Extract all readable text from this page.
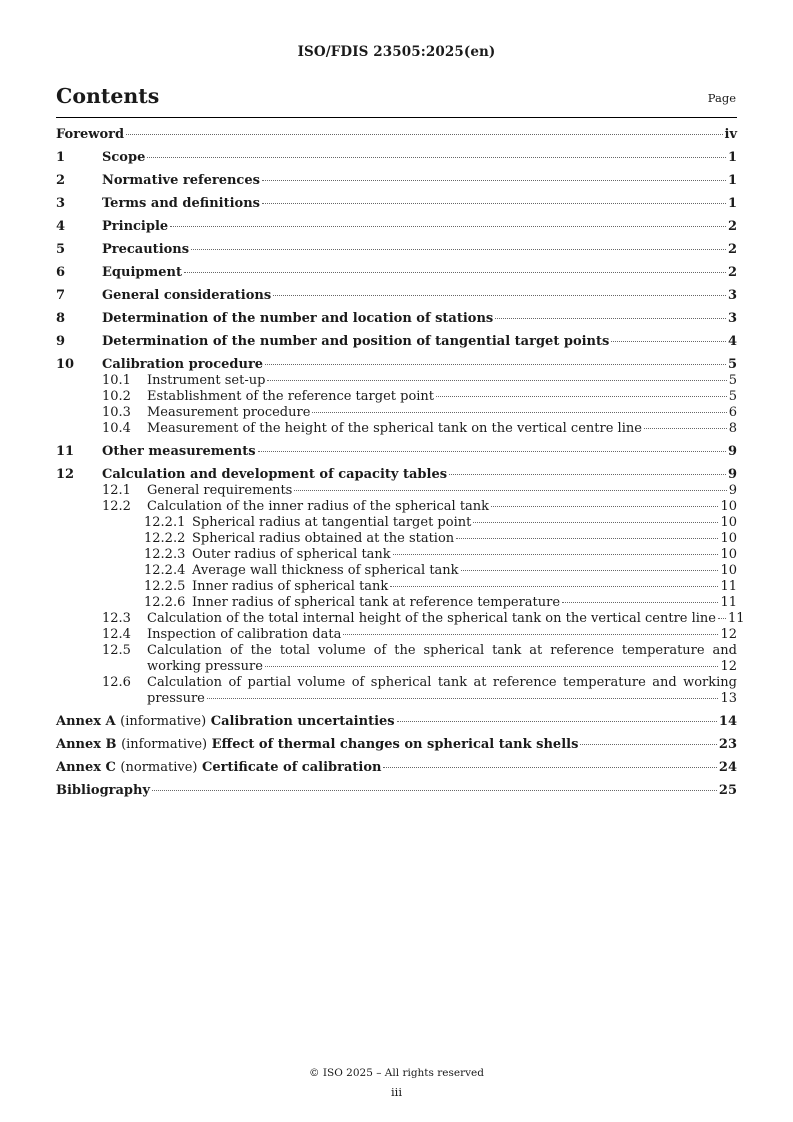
ISO/FDIS 23505:2025(en)
Contents	Page
Foreword	iv
1	Scope	1
2	Normative references	1
3	Terms and definitions	1
4	Principle	2
5	Precautions	2
6	Equipment	2
7	General considerations	3
8	Determination of the number and location of stations	3
9	Determination of the number and position of tangential target points	4
10	Calibration procedure	5
10.1	Instrument set-up	5
10.2	Establishment of the reference target point	5
10.3	Measurement procedure	6
10.4	Measurement of the height of the spherical tank on the vertical centre line	8
11	Other measurements	9
12	Calculation and development of capacity tables	9
12.1	General requirements	9
12.2	Calculation of the inner radius of the spherical tank	10
12.2.1 Spherical radius at tangential target point	10
12.2.2 Spherical radius obtained at the station	10
12.2.3 Outer radius of spherical tank	10
12.2.4 Average wall thickness of spherical tank	10
12.2.5 Inner radius of spherical tank	11
12.2.6 Inner radius of spherical tank at reference temperature	11
12.3	Calculation of the total internal height of the spherical tank on the vertical centre line 11
12.4	Inspection of calibration data	12
12.5	Calculation of the total volume of the spherical tank at reference temperature and
working pressure	12
12.6	Calculation of partial volume of spherical tank at reference temperature and working
pressure	13
Annex A (informative) Calibration uncertainties	14
Annex B (informative) Effect of thermal changes on spherical tank shells	23
Annex C (normative) Certificate of calibration	24
Bibliography	25
© ISO 2025 – All rights reserved
iii
